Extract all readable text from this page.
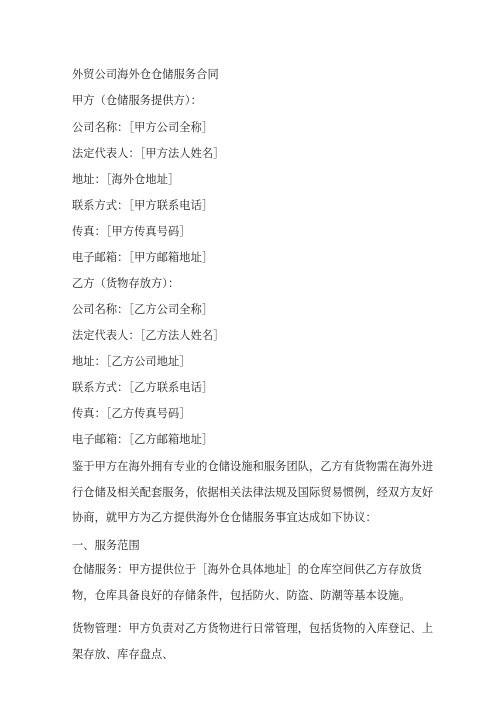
外贸公司海外仓仓储服务合同
甲方（仓储服务提供方）：
公司名称：［甲方公司全称］
法定代表人：［甲方法人姓名］
地址：［海外仓地址］
联系方式：［甲方联系电话］
传真：［甲方传真号码］
电子邮箱：［甲方邮箱地址］
乙方（货物存放方）：
公司名称：［乙方公司全称］
法定代表人：［乙方法人姓名］
地址：［乙方公司地址］
联系方式：［乙方联系电话］
传真：［乙方传真号码］
电子邮箱：［乙方邮箱地址］
鉴于甲方在海外拥有专业的仓储设施和服务团队，乙方有货物需在海外进行仓储及相关配套服务，依据相关法律法规及国际贸易惯例，经双方友好协商，就甲方为乙方提供海外仓仓储服务事宜达成如下协议：
一、服务范围
仓储服务：甲方提供位于［海外仓具体地址］的仓库空间供乙方存放货物，仓库具备良好的存储条件，包括防火、防盗、防潮等基本设施。
货物管理：甲方负责对乙方货物进行日常管理，包括货物的入库登记、上架存放、库存盘点、
